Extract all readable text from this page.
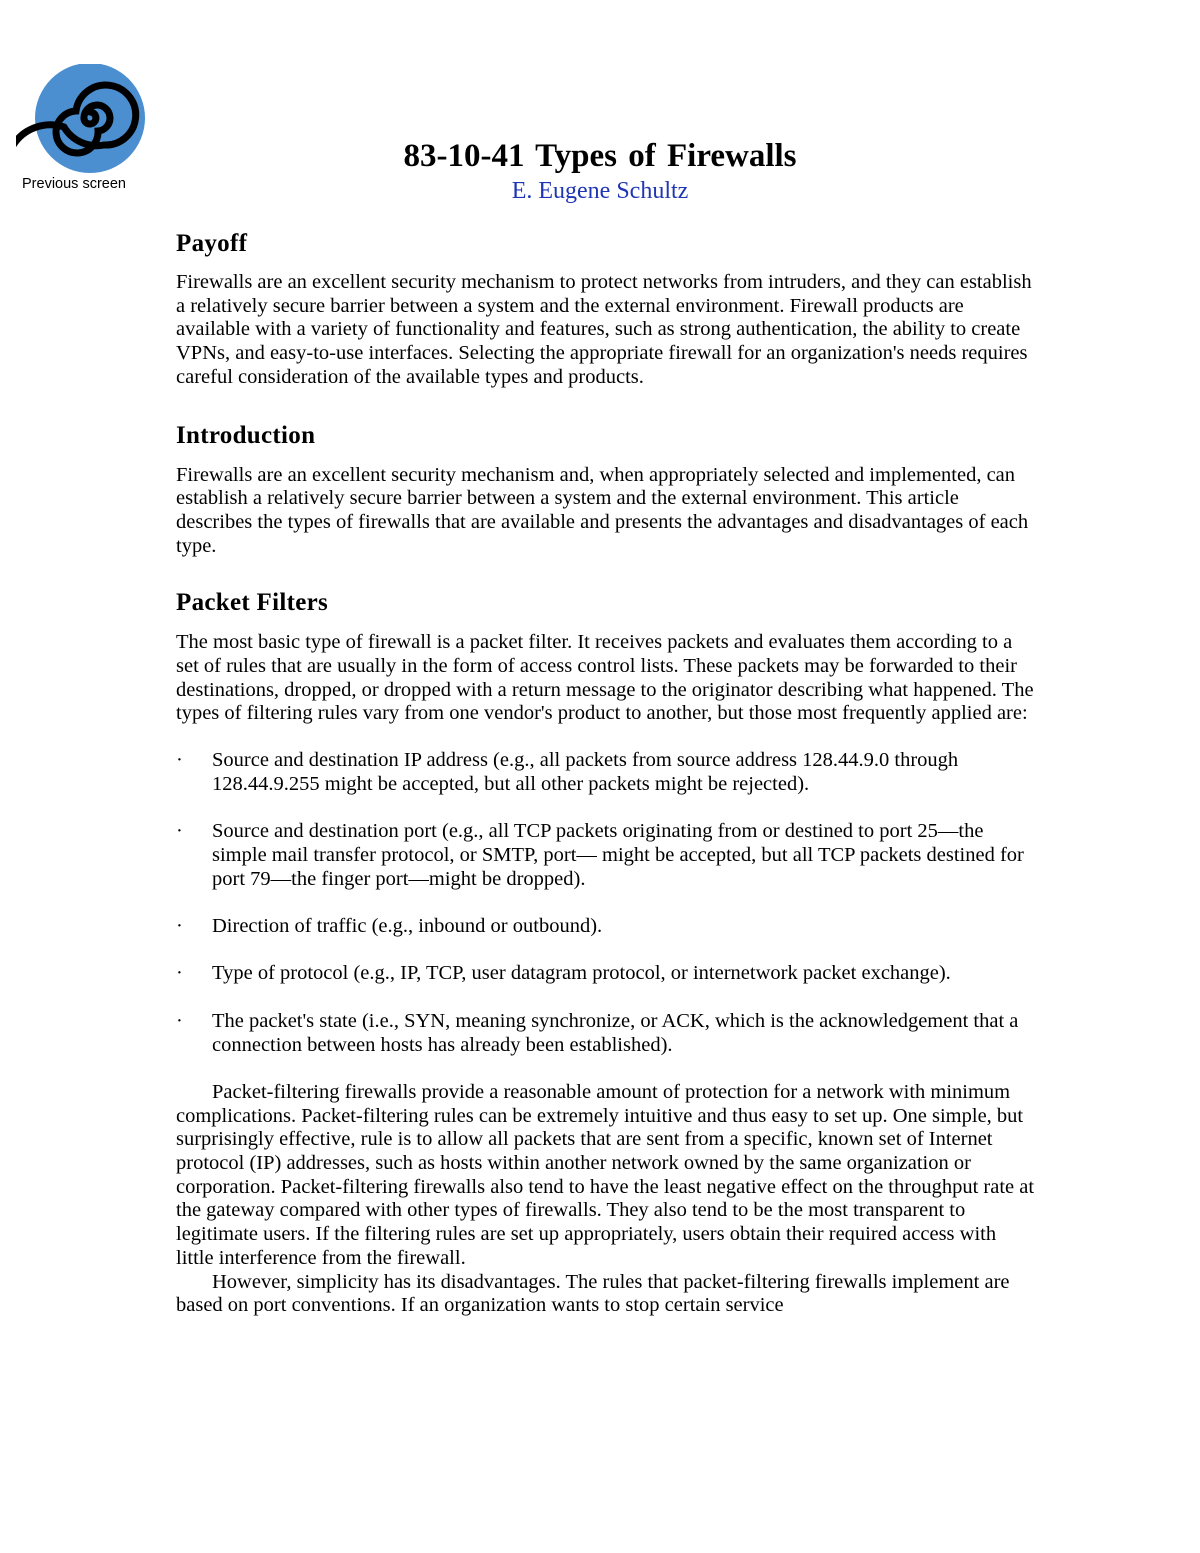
Previous screen
83-10-41 Types of Firewalls
E. Eugene Schultz
Payoff

Firewalls are an excellent security mechanism to protect networks from intruders, and they can establish a relatively secure barrier between a system and the external environment. Firewall products are available with a variety of functionality and features, such as strong authentication, the ability to create VPNs, and easy-to-use interfaces. Selecting the appropriate firewall for an organization's needs requires careful consideration of the available types and products.

Introduction

Firewalls are an excellent security mechanism and, when appropriately selected and implemented, can establish a relatively secure barrier between a system and the external environment. This article describes the types of firewalls that are available and presents the advantages and disadvantages of each type.

Packet Filters

The most basic type of firewall is a packet filter. It receives packets and evaluates them according to a set of rules that are usually in the form of access control lists. These packets may be forwarded to their destinations, dropped, or dropped with a return message to the originator describing what happened. The types of filtering rules vary from one vendor's product to another, but those most frequently applied are:

· Source and destination IP address (e.g., all packets from source address 128.44.9.0 through 128.44.9.255 might be accepted, but all other packets might be rejected).
· Source and destination port (e.g., all TCP packets originating from or destined to port 25—the simple mail transfer protocol, or SMTP, port— might be accepted, but all TCP packets destined for port 79—the finger port—might be dropped).
· Direction of traffic (e.g., inbound or outbound).
· Type of protocol (e.g., IP, TCP, user datagram protocol, or internetwork packet exchange).
· The packet's state (i.e., SYN, meaning synchronize, or ACK, which is the acknowledgement that a connection between hosts has already been established).

Packet-filtering firewalls provide a reasonable amount of protection for a network with minimum complications. Packet-filtering rules can be extremely intuitive and thus easy to set up. One simple, but surprisingly effective, rule is to allow all packets that are sent from a specific, known set of Internet protocol (IP) addresses, such as hosts within another network owned by the same organization or corporation. Packet-filtering firewalls also tend to have the least negative effect on the throughput rate at the gateway compared with other types of firewalls. They also tend to be the most transparent to legitimate users. If the filtering rules are set up appropriately, users obtain their required access with little interference from the firewall.

However, simplicity has its disadvantages. The rules that packet-filtering firewalls implement are based on port conventions. If an organization wants to stop certain service
